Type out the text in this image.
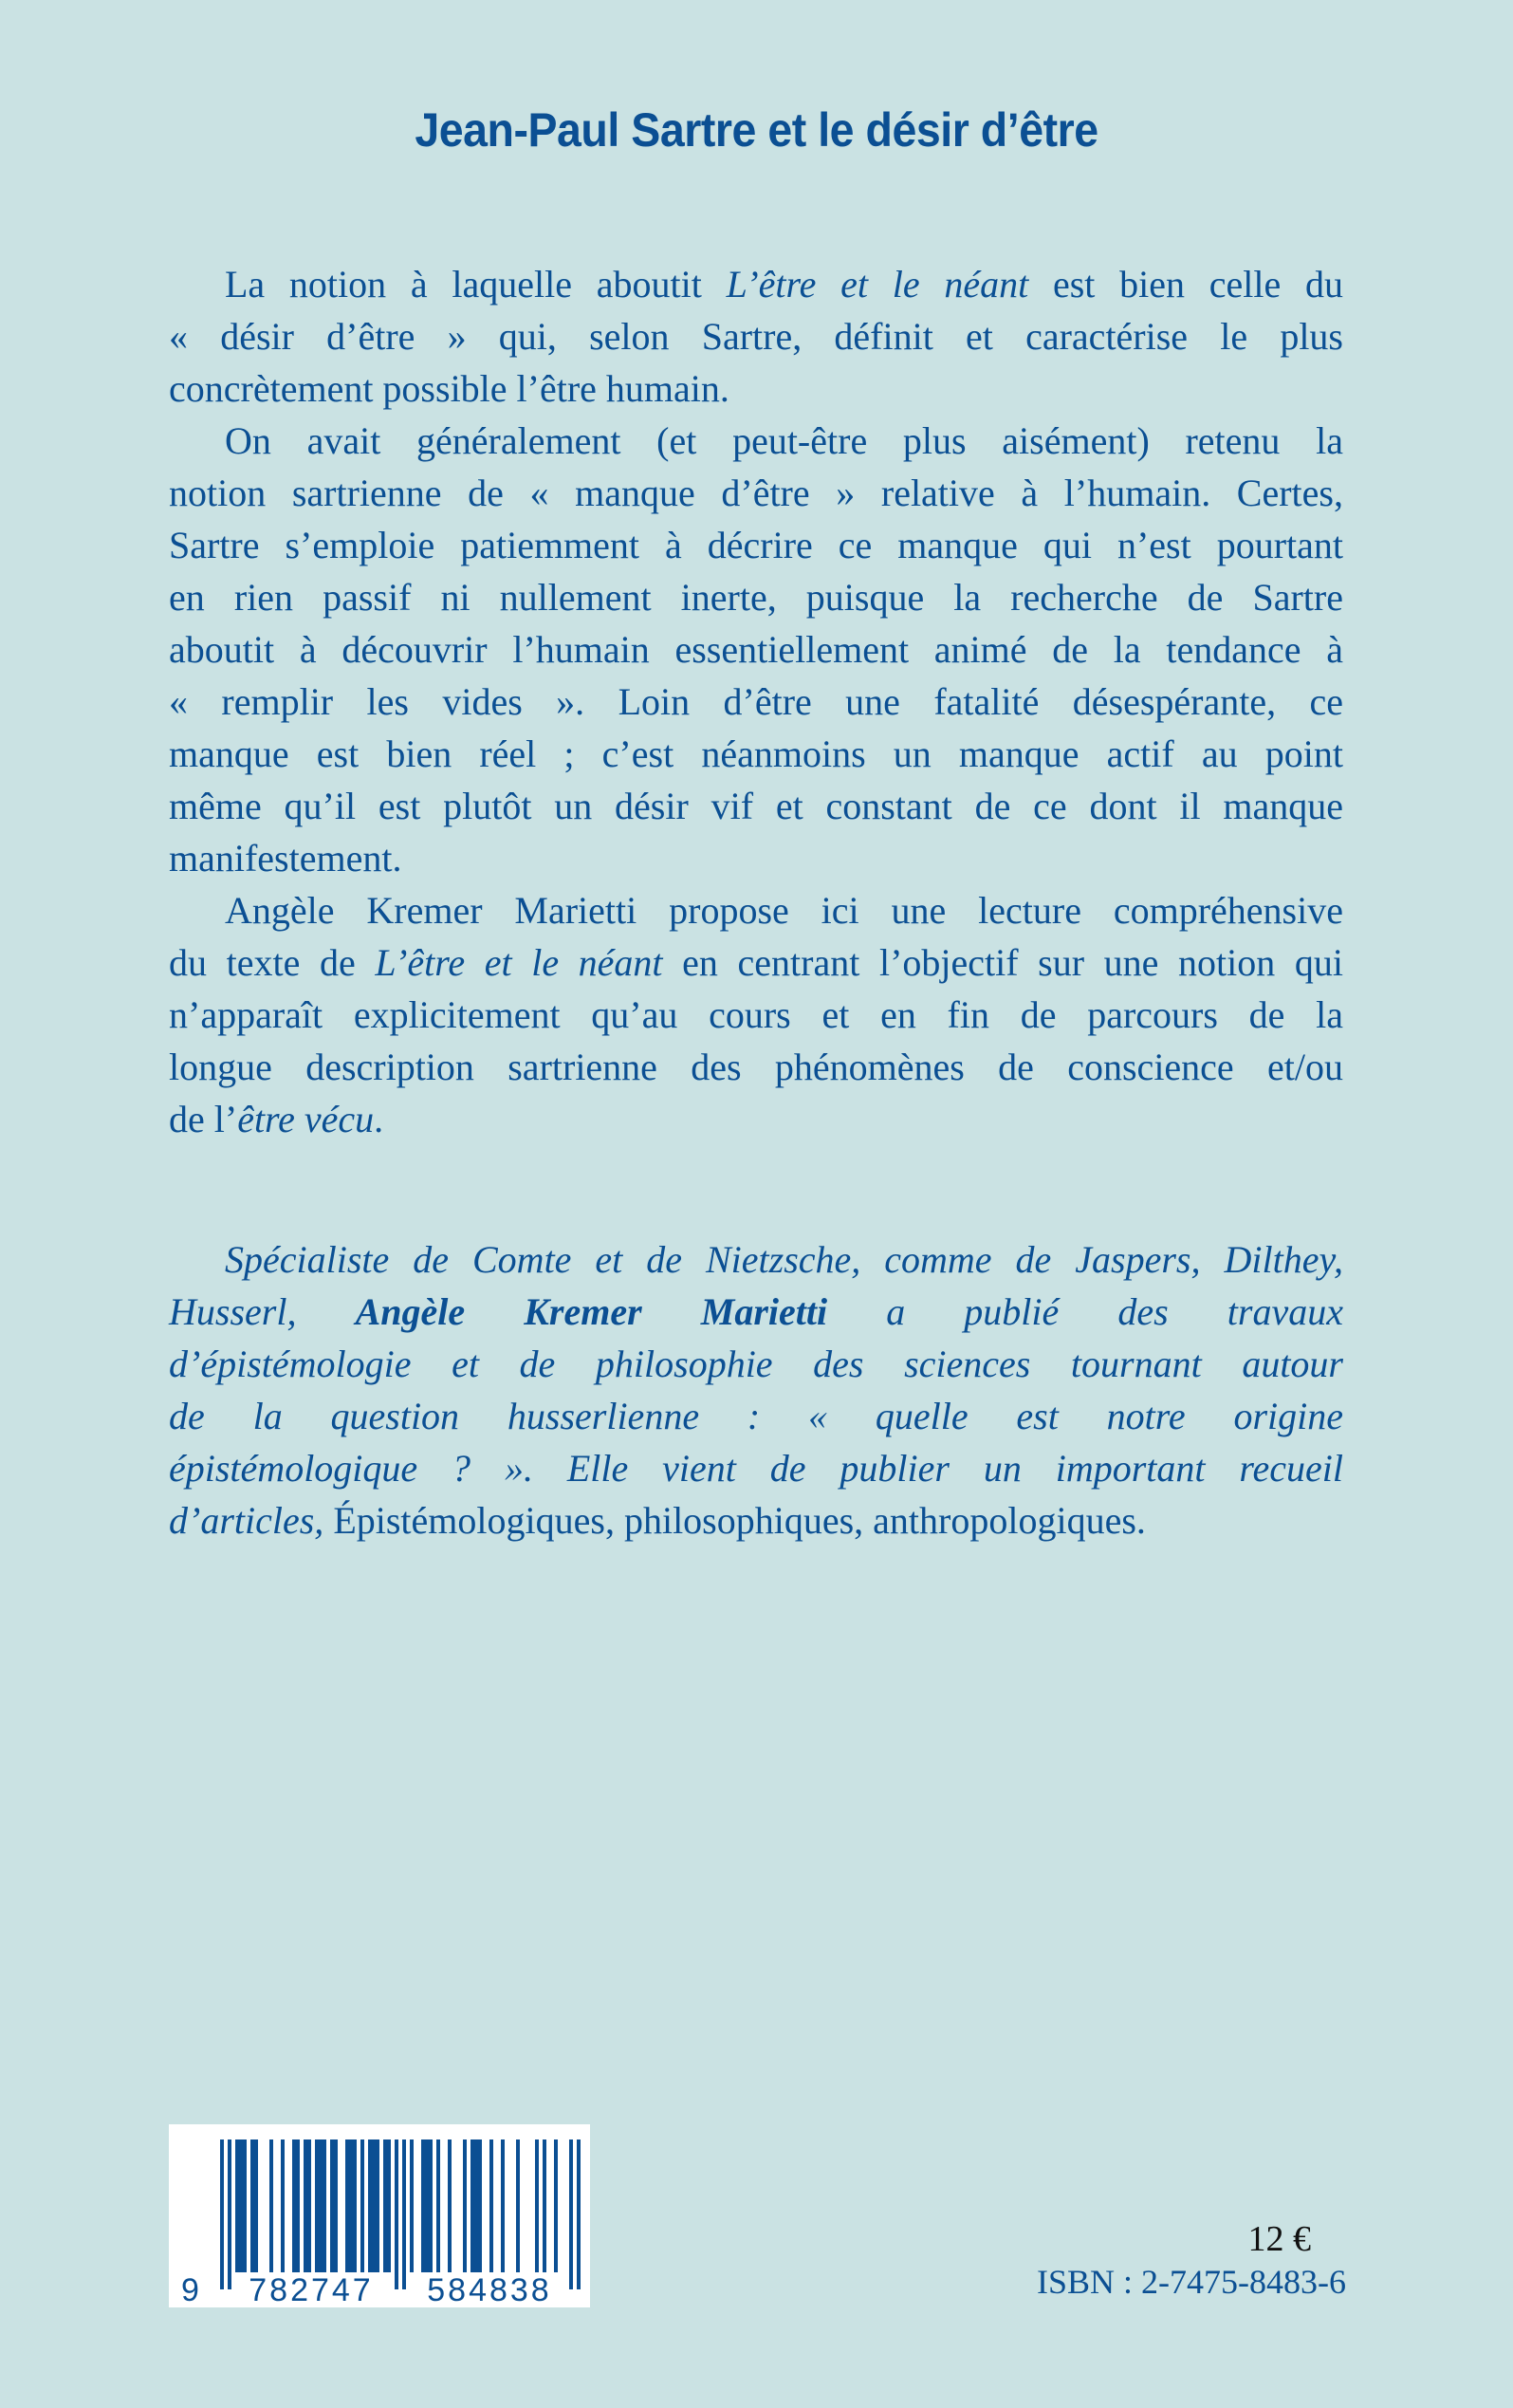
Jean-Paul Sartre et le désir d’être
La notion à laquelle aboutit L’être et le néant est bien celle du
« désir d’être » qui, selon Sartre, définit et caractérise le plus
concrètement possible l’être humain.
On avait généralement (et peut-être plus aisément) retenu la
notion sartrienne de « manque d’être » relative à l’humain. Certes,
Sartre s’emploie patiemment à décrire ce manque qui n’est pourtant
en rien passif ni nullement inerte, puisque la recherche de Sartre
aboutit à découvrir l’humain essentiellement animé de la tendance à
« remplir les vides ». Loin d’être une fatalité désespérante, ce
manque est bien réel ; c’est néanmoins un manque actif au point
même qu’il est plutôt un désir vif et constant de ce dont il manque
manifestement.
Angèle Kremer Marietti propose ici une lecture compréhensive
du texte de L’être et le néant en centrant l’objectif sur une notion qui
n’apparaît explicitement qu’au cours et en fin de parcours de la
longue description sartrienne des phénomènes de conscience et/ou
de l’être vécu.
Spécialiste de Comte et de Nietzsche, comme de Jaspers, Dilthey,
Husserl, Angèle Kremer Marietti a publié des travaux
d’épistémologie et de philosophie des sciences tournant autour
de la question husserlienne : « quelle est notre origine
épistémologique ? ». Elle vient de publier un important recueil
d’articles, Épistémologiques, philosophiques, anthropologiques.
9 782747 584838
12 €
ISBN : 2-7475-8483-6
